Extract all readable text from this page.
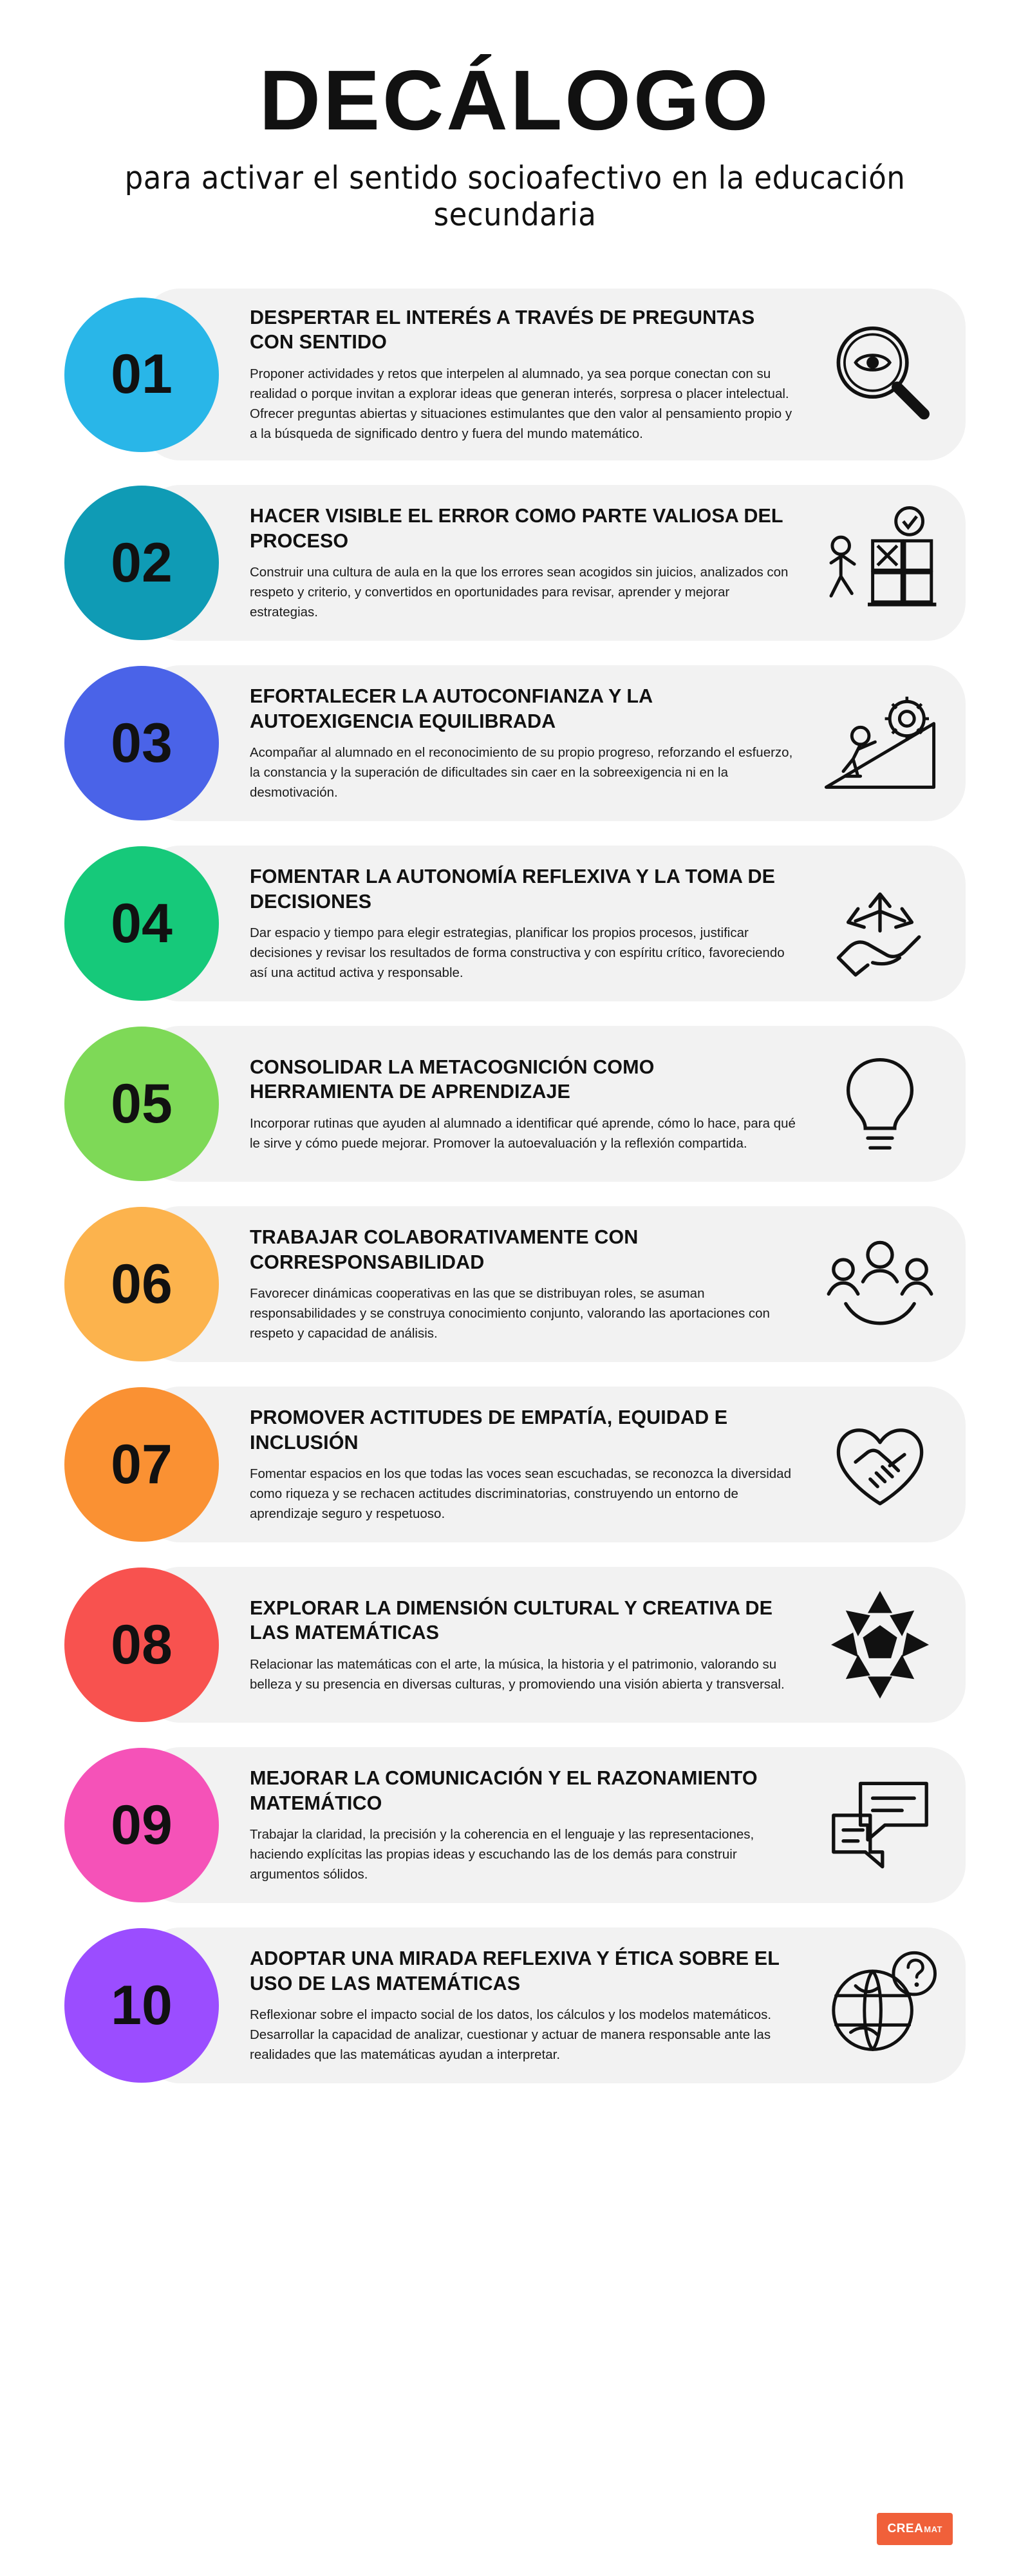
DECÁLOGO

para activar el sentido socioafectivo en la educación secundaria

01
DESPERTAR EL INTERÉS A TRAVÉS DE PREGUNTAS CON SENTIDO
Proponer actividades y retos que interpelen al alumnado, ya sea porque conectan con su realidad o porque invitan a explorar ideas que generan interés, sorpresa o placer intelectual. Ofrecer preguntas abiertas y situaciones estimulantes que den valor al pensamiento propio y a la búsqueda de significado dentro y fuera del mundo matemático.
02
HACER VISIBLE EL ERROR COMO PARTE VALIOSA DEL PROCESO
Construir una cultura de aula en la que los errores sean acogidos sin juicios, analizados con respeto y criterio, y convertidos en oportunidades para revisar, aprender y mejorar estrategias.
03
EFORTALECER LA AUTOCONFIANZA Y LA AUTOEXIGENCIA EQUILIBRADA
Acompañar al alumnado en el reconocimiento de su propio progreso, reforzando el esfuerzo, la constancia y la superación de dificultades sin caer en la sobreexigencia ni en la desmotivación.
04
FOMENTAR LA AUTONOMÍA REFLEXIVA Y LA TOMA DE DECISIONES
Dar espacio y tiempo para elegir estrategias, planificar los propios procesos, justificar decisiones y revisar los resultados de forma constructiva y con espíritu crítico, favoreciendo así una actitud activa y responsable.
05
CONSOLIDAR LA METACOGNICIÓN COMO HERRAMIENTA DE APRENDIZAJE
Incorporar rutinas que ayuden al alumnado a identificar qué aprende, cómo lo hace, para qué le sirve y cómo puede mejorar. Promover la autoevaluación y la reflexión compartida.
06
TRABAJAR COLABORATIVAMENTE CON CORRESPONSABILIDAD
Favorecer dinámicas cooperativas en las que se distribuyan roles, se asuman responsabilidades y se construya conocimiento conjunto, valorando las aportaciones con respeto y capacidad de análisis.
07
PROMOVER ACTITUDES DE EMPATÍA, EQUIDAD E INCLUSIÓN
Fomentar espacios en los que todas las voces sean escuchadas, se reconozca la diversidad como riqueza y se rechacen actitudes discriminatorias, construyendo un entorno de aprendizaje seguro y respetuoso.
08
EXPLORAR LA DIMENSIÓN CULTURAL Y CREATIVA DE LAS MATEMÁTICAS
Relacionar las matemáticas con el arte, la música, la historia y el patrimonio, valorando su belleza y su presencia en diversas culturas, y promoviendo una visión abierta y transversal.
09
MEJORAR LA COMUNICACIÓN Y EL RAZONAMIENTO MATEMÁTICO
Trabajar la claridad, la precisión y la coherencia en el lenguaje y las representaciones, haciendo explícitas las propias ideas y escuchando las de los demás para construir argumentos sólidos.
10
ADOPTAR UNA MIRADA REFLEXIVA Y ÉTICA SOBRE EL USO DE LAS MATEMÁTICAS
Reflexionar sobre el impacto social de los datos, los cálculos y los modelos matemáticos. Desarrollar la capacidad de analizar, cuestionar y actuar de manera responsable ante las realidades que las matemáticas ayudan a interpretar.
CREA MAT
